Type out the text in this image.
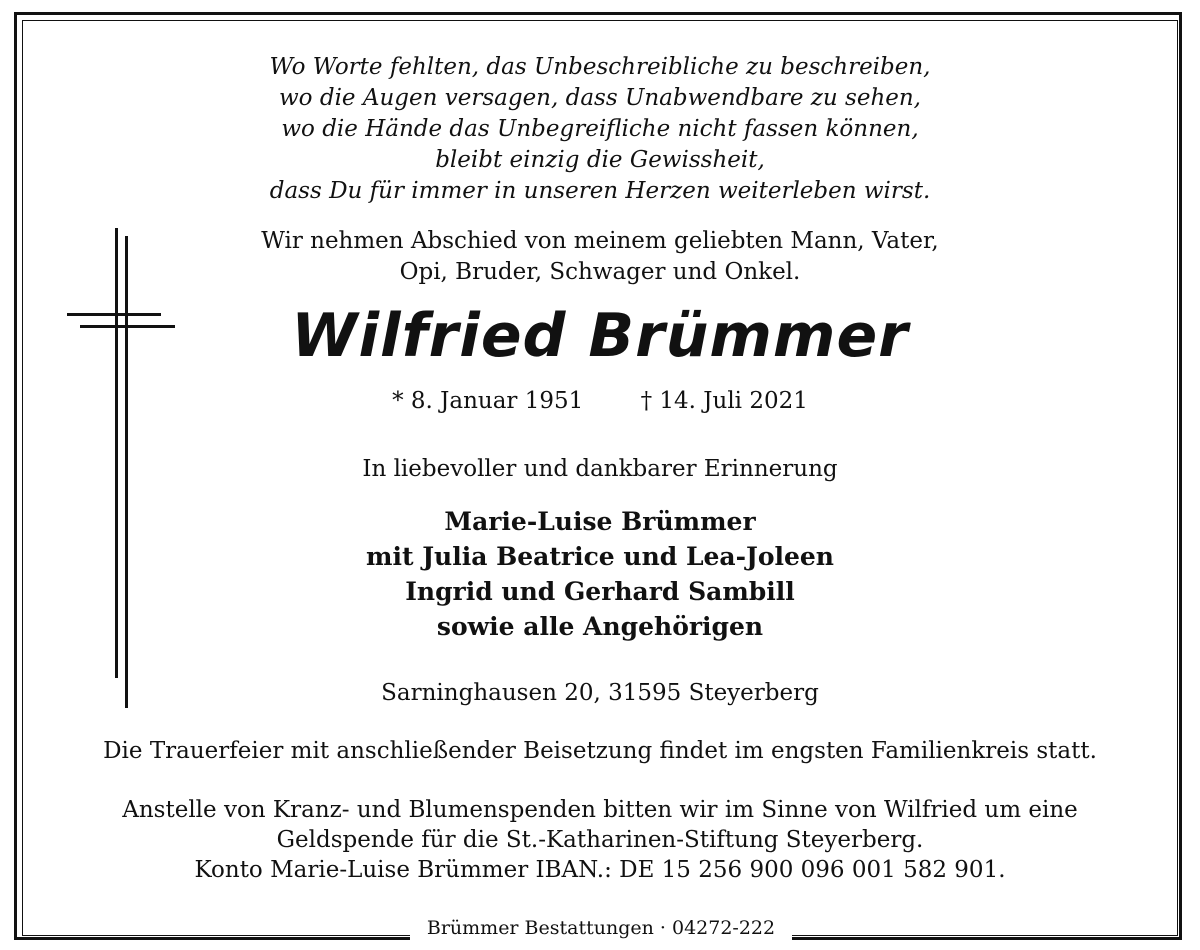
Wo Worte fehlten, das Unbeschreibliche zu beschreiben,
wo die Augen versagen, dass Unabwendbare zu sehen,
wo die Hände das Unbegreifliche nicht fassen können,
bleibt einzig die Gewissheit,
dass Du für immer in unseren Herzen weiterleben wirst.
Wir nehmen Abschied von meinem geliebten Mann, Vater,
Opi, Bruder, Schwager und Onkel.
Wilfried Brümmer
* 8. Januar 1951 † 14. Juli 2021
In liebevoller und dankbarer Erinnerung
Marie-Luise Brümmer
mit Julia Beatrice und Lea-Joleen
Ingrid und Gerhard Sambill
sowie alle Angehörigen
Sarninghausen 20, 31595 Steyerberg
Die Trauerfeier mit anschließender Beisetzung findet im engsten Familienkreis statt.
Anstelle von Kranz- und Blumenspenden bitten wir im Sinne von Wilfried um eine
Geldspende für die St.-Katharinen-Stiftung Steyerberg.
Konto Marie-Luise Brümmer IBAN.: DE 15 256 900 096 001 582 901.
Brümmer Bestattungen · 04272-222
